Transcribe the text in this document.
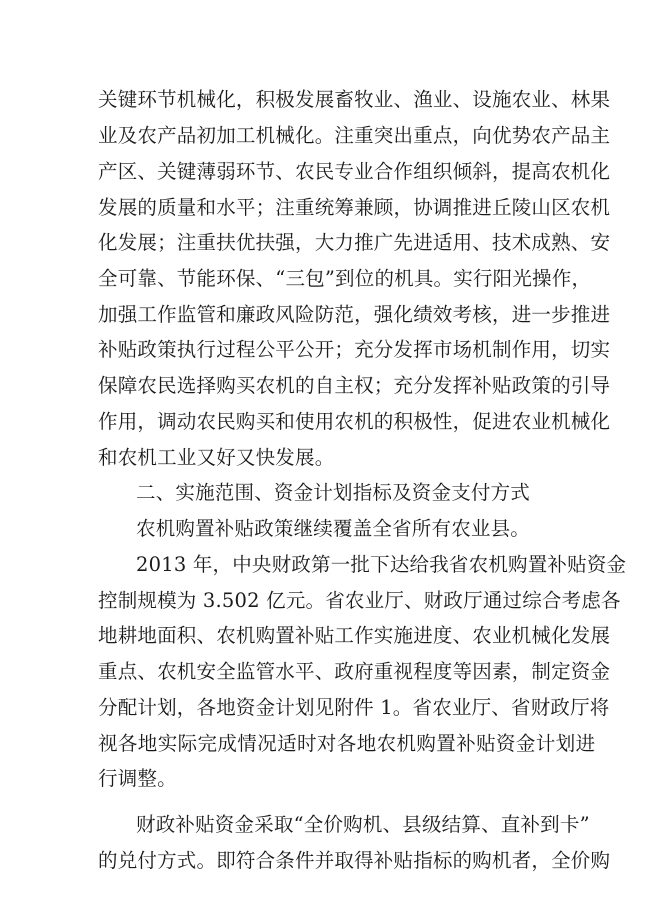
关键环节机械化，积极发展畜牧业、渔业、设施农业、林果
业及农产品初加工机械化。注重突出重点，向优势农产品主
产区、关键薄弱环节、农民专业合作组织倾斜，提高农机化
发展的质量和水平；注重统筹兼顾，协调推进丘陵山区农机
化发展；注重扶优扶强，大力推广先进适用、技术成熟、安
全可靠、节能环保、“三包”到位的机具。实行阳光操作，
加强工作监管和廉政风险防范，强化绩效考核，进一步推进
补贴政策执行过程公平公开；充分发挥市场机制作用，切实
保障农民选择购买农机的自主权；充分发挥补贴政策的引导
作用，调动农民购买和使用农机的积极性，促进农业机械化
和农机工业又好又快发展。
二、实施范围、资金计划指标及资金支付方式
农机购置补贴政策继续覆盖全省所有农业县。
2013 年，中央财政第一批下达给我省农机购置补贴资金
控制规模为 3.502 亿元。省农业厅、财政厅通过综合考虑各
地耕地面积、农机购置补贴工作实施进度、农业机械化发展
重点、农机安全监管水平、政府重视程度等因素，制定资金
分配计划，各地资金计划见附件 1。省农业厅、省财政厅将
视各地实际完成情况适时对各地农机购置补贴资金计划进
行调整。
财政补贴资金采取“全价购机、县级结算、直补到卡”
的兑付方式。即符合条件并取得补贴指标的购机者，全价购
